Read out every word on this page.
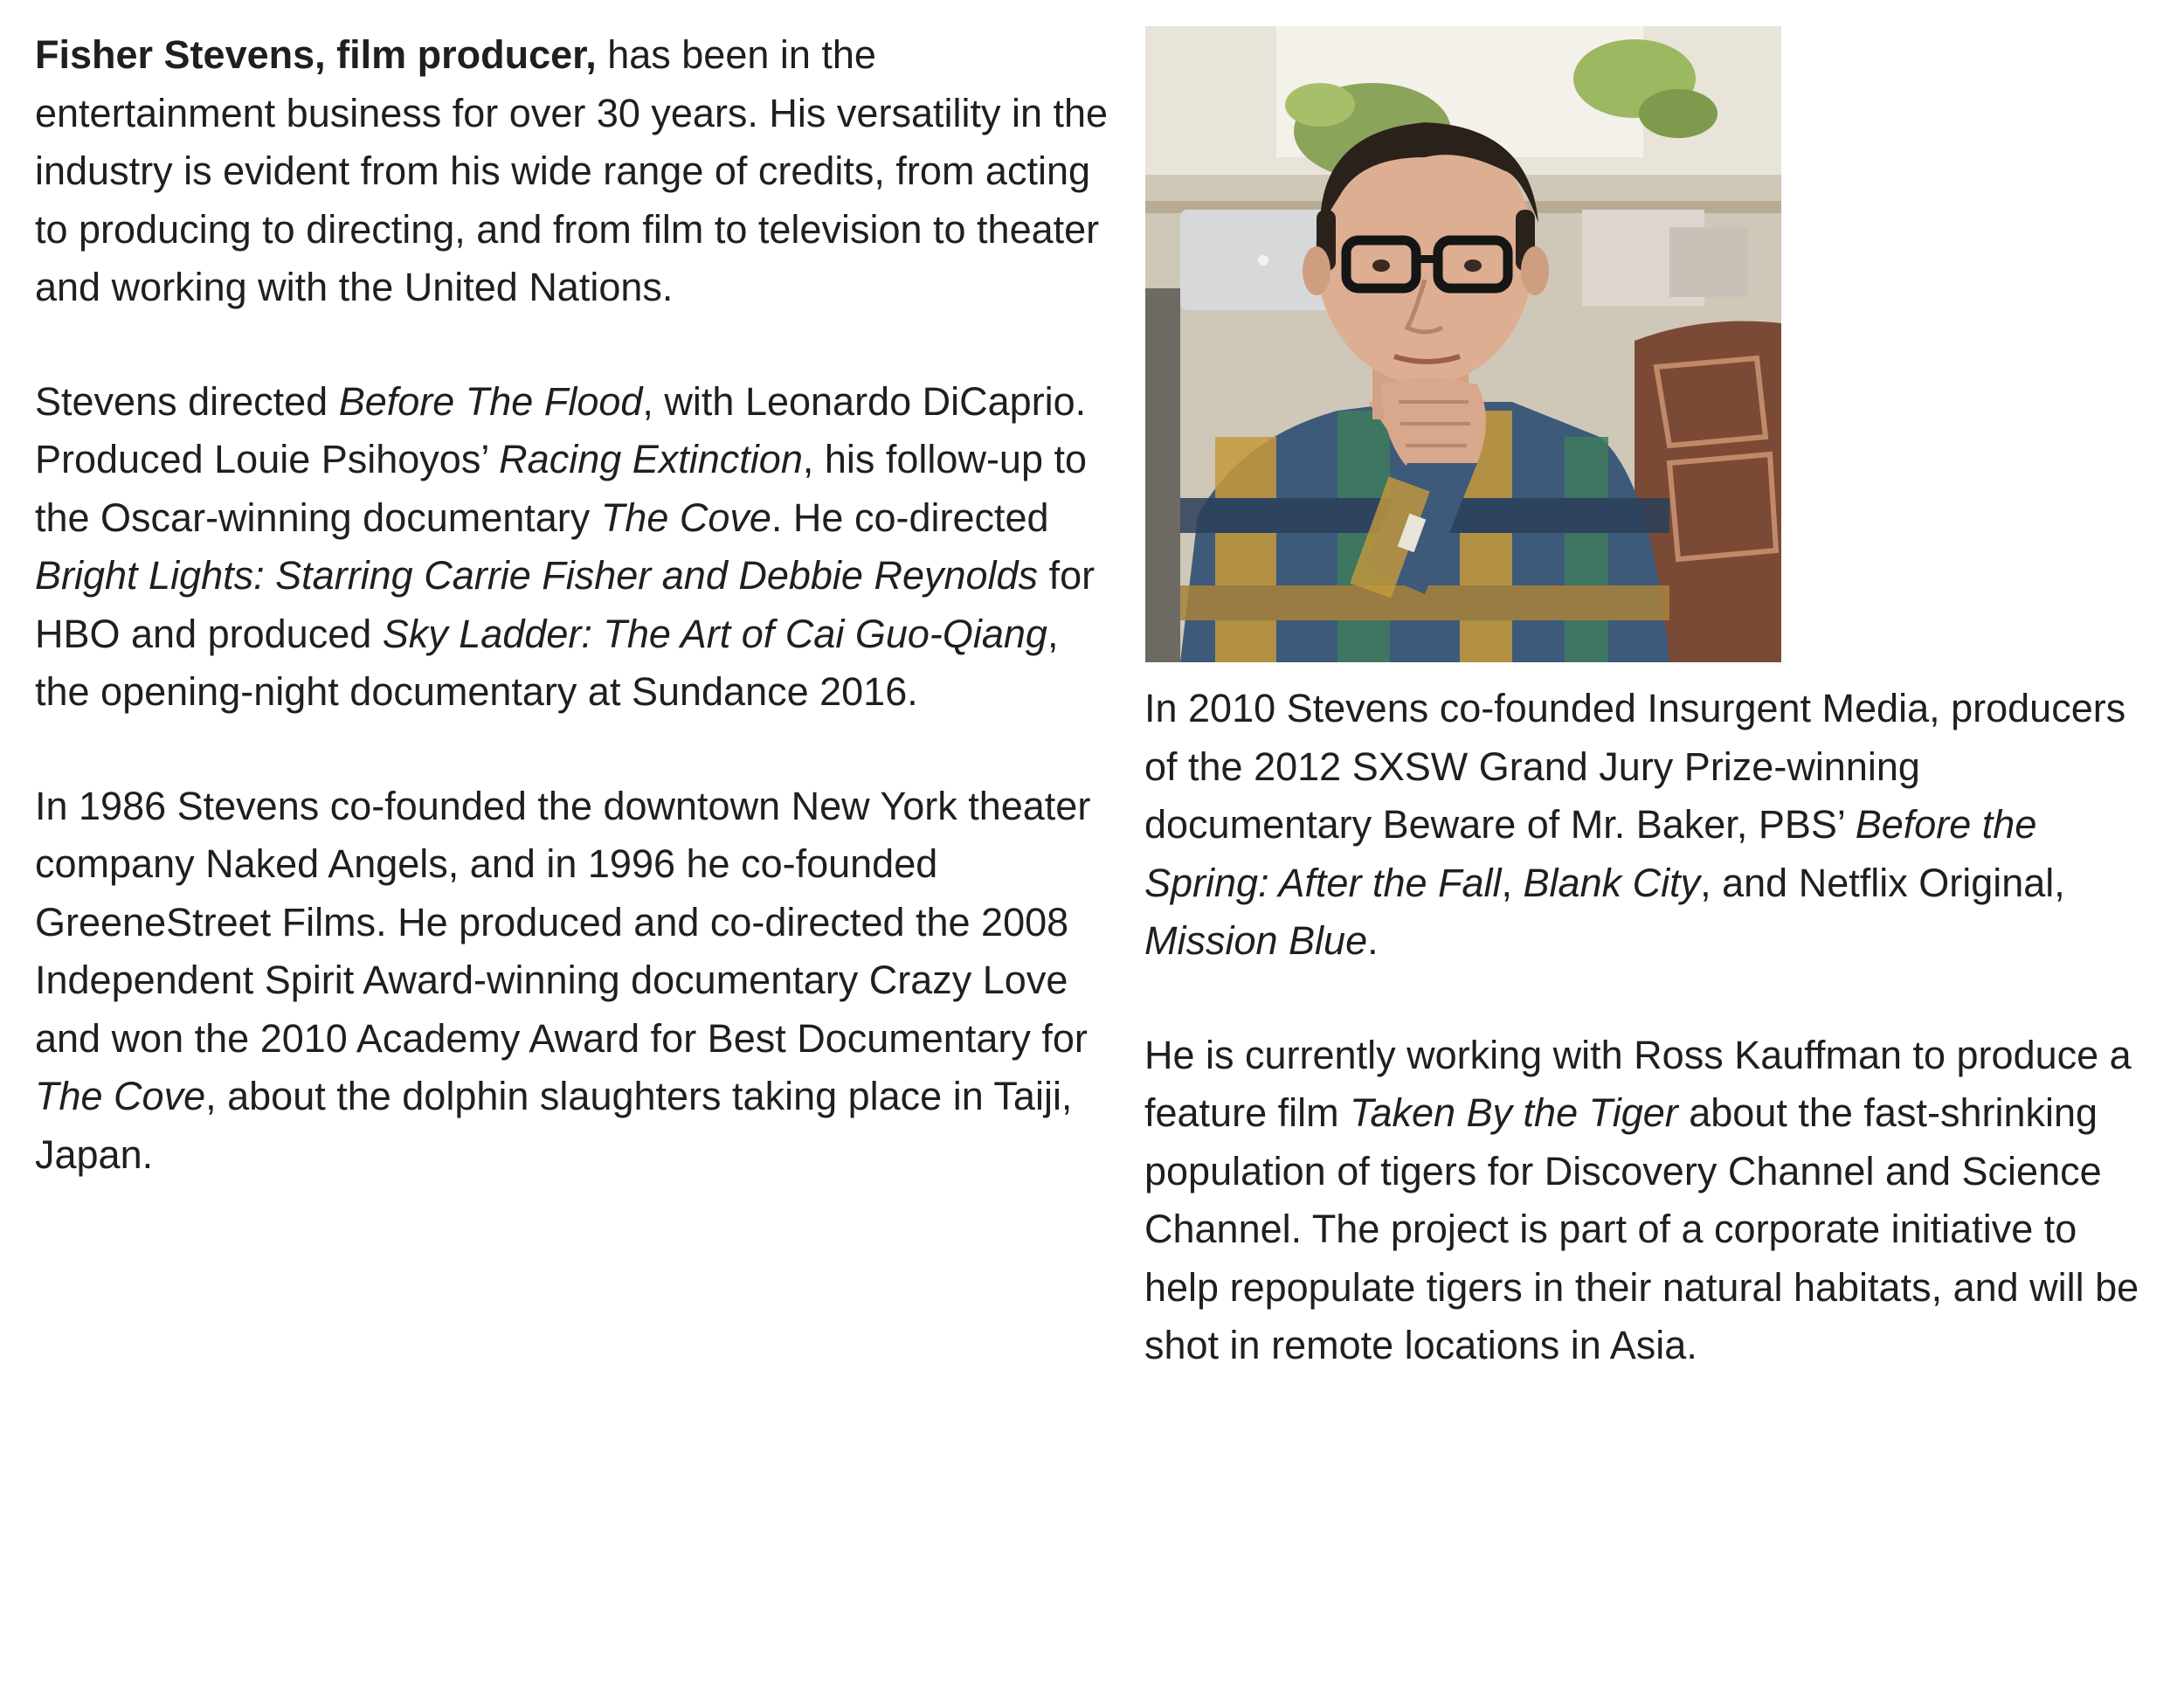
Fisher Stevens, film producer, has been in the entertainment business for over 30 years. His versatility in the industry is evident from his wide range of credits, from acting to producing to directing, and from film to television to theater and working with the United Nations.

Stevens directed Before The Flood, with Leonardo DiCaprio. Produced Louie Psihoyos’ Racing Extinction, his follow-up to the Oscar-winning documentary The Cove. He co-directed Bright Lights: Starring Carrie Fisher and Debbie Reynolds for HBO and produced Sky Ladder: The Art of Cai Guo-Qiang, the opening-night documentary at Sundance 2016.

In 1986 Stevens co-founded the downtown New York theater company Naked Angels, and in 1996 he co-founded GreeneStreet Films. He produced and co-directed the 2008 Independent Spirit Award-winning documentary Crazy Love and won the 2010 Academy Award for Best Documentary for The Cove, about the dolphin slaughters taking place in Taiji, Japan.

In 2010 Stevens co-founded Insurgent Media, producers of the 2012 SXSW Grand Jury Prize-winning documentary Beware of Mr. Baker, PBS’ Before the Spring: After the Fall, Blank City, and Netflix Original, Mission Blue.

He is currently working with Ross Kauffman to produce a feature film Taken By the Tiger about the fast-shrinking population of tigers for Discovery Channel and Science Channel. The project is part of a corporate initiative to help repopulate tigers in their natural habitats, and will be shot in remote locations in Asia.
